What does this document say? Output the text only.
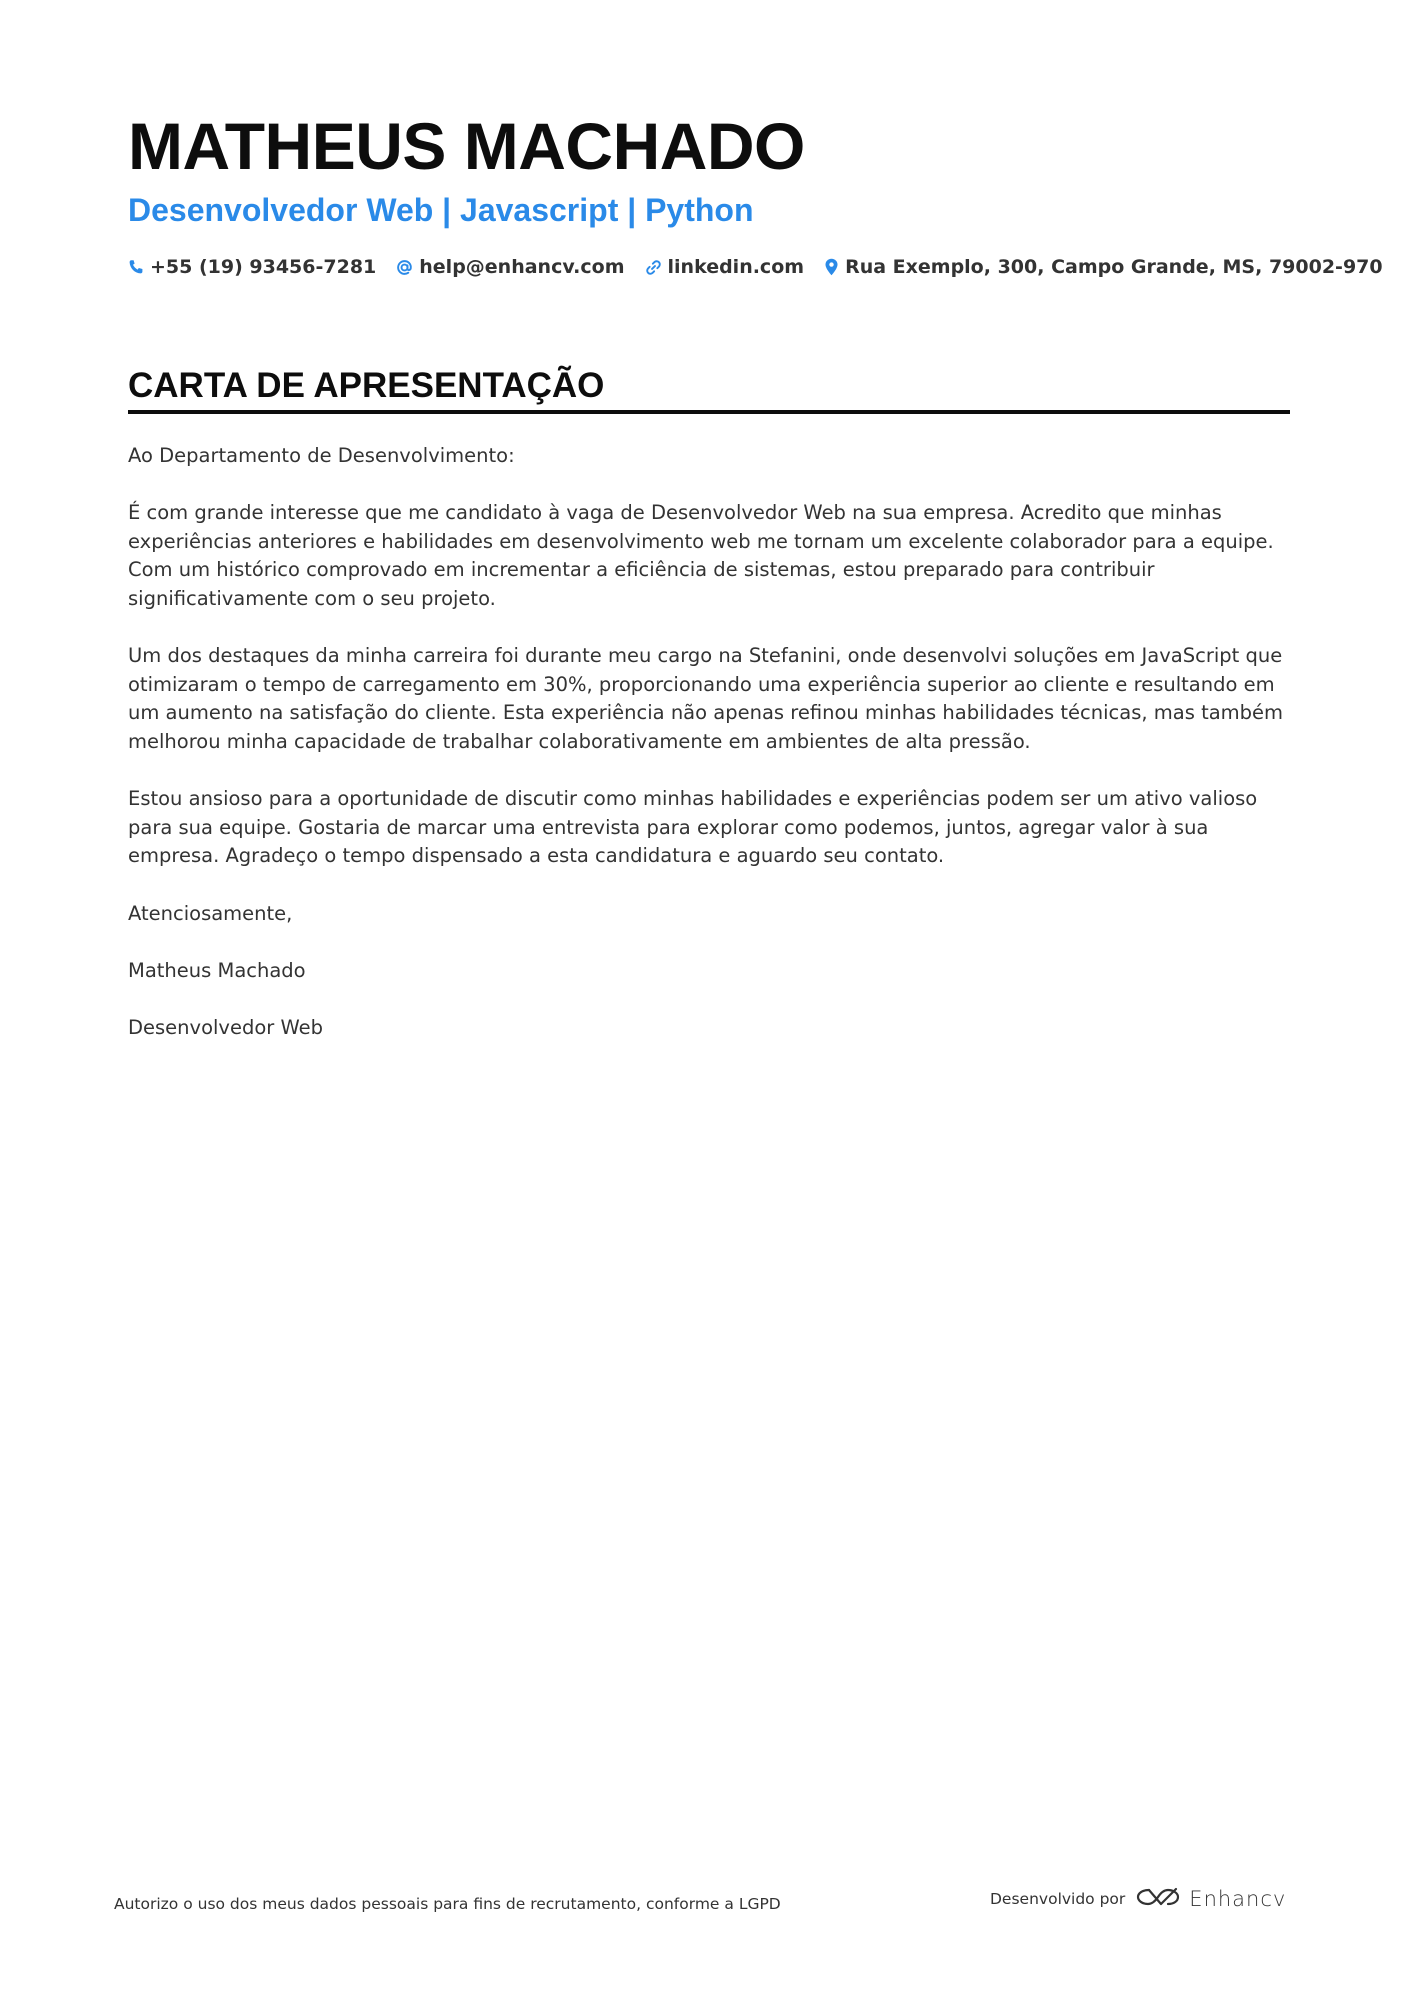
MATHEUS MACHADO
Desenvolvedor Web | Javascript | Python
+55 (19) 93456-7281 help@enhancv.com linkedin.com Rua Exemplo, 300, Campo Grande, MS, 79002-970
CARTA DE APRESENTAÇÃO

Ao Departamento de Desenvolvimento:

É com grande interesse que me candidato à vaga de Desenvolvedor Web na sua empresa. Acredito que minhas experiências anteriores e habilidades em desenvolvimento web me tornam um excelente colaborador para a equipe. Com um histórico comprovado em incrementar a eficiência de sistemas, estou preparado para contribuir significativamente com o seu projeto.

Um dos destaques da minha carreira foi durante meu cargo na Stefanini, onde desenvolvi soluções em JavaScript que otimizaram o tempo de carregamento em 30%, proporcionando uma experiência superior ao cliente e resultando em um aumento na satisfação do cliente. Esta experiência não apenas refinou minhas habilidades técnicas, mas também melhorou minha capacidade de trabalhar colaborativamente em ambientes de alta pressão.

Estou ansioso para a oportunidade de discutir como minhas habilidades e experiências podem ser um ativo valioso para sua equipe. Gostaria de marcar uma entrevista para explorar como podemos, juntos, agregar valor à sua empresa. Agradeço o tempo dispensado a esta candidatura e aguardo seu contato.

Atenciosamente,

Matheus Machado

Desenvolvedor Web

Autorizo o uso dos meus dados pessoais para fins de recrutamento, conforme a LGPD	Desenvolvido por	Enhancv
